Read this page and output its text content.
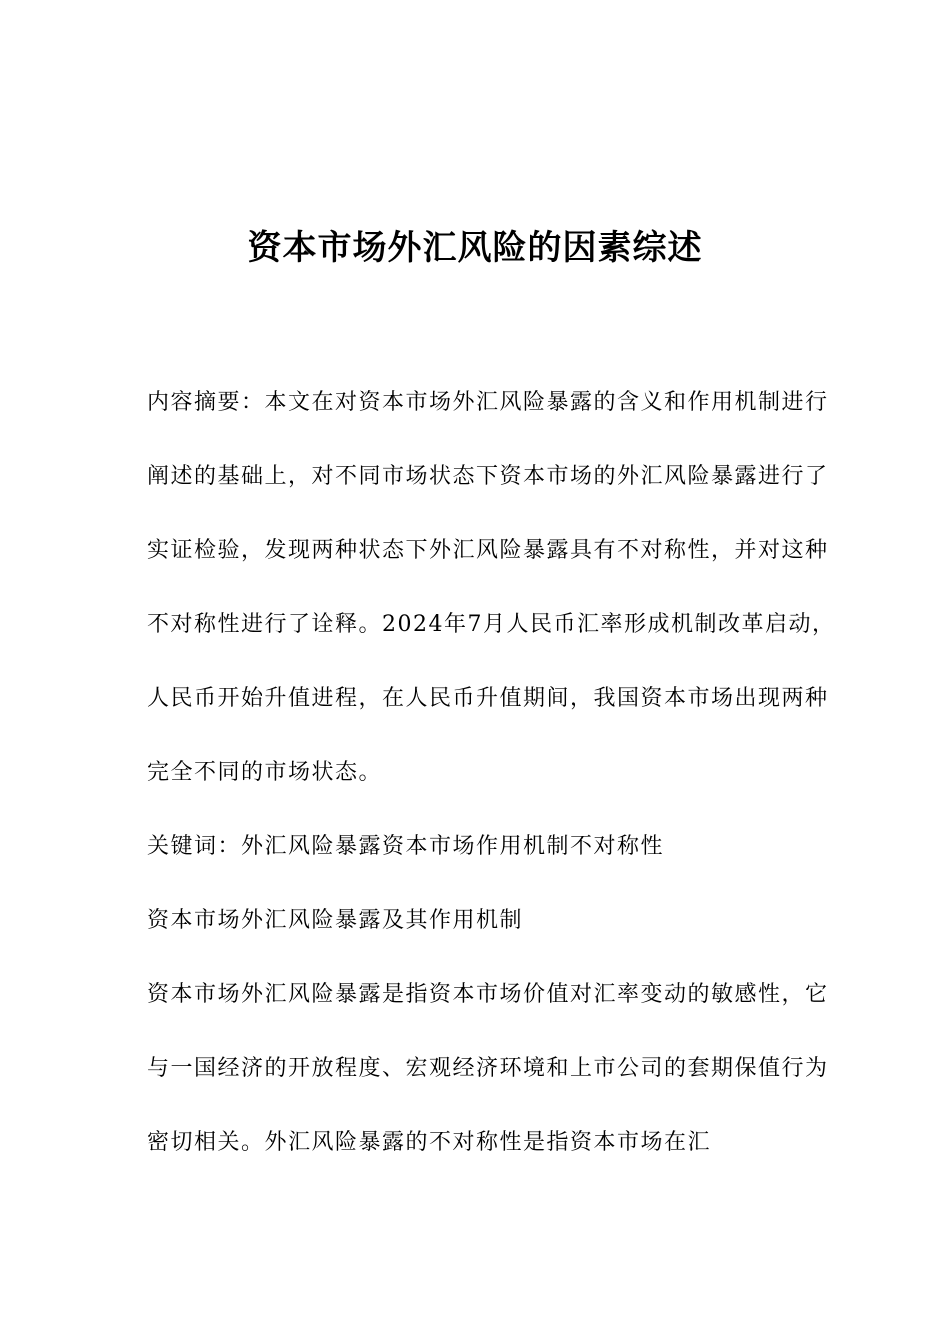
资本市场外汇风险的因素综述

内容摘要：本文在对资本市场外汇风险暴露的含义和作用机制进行阐述的基础上，对不同市场状态下资本市场的外汇风险暴露进行了实证检验，发现两种状态下外汇风险暴露具有不对称性，并对这种不对称性进行了诠释。2024年7月人民币汇率形成机制改革启动，人民币开始升值进程，在人民币升值期间，我国资本市场出现两种完全不同的市场状态。

关键词：外汇风险暴露资本市场作用机制不对称性

资本市场外汇风险暴露及其作用机制

资本市场外汇风险暴露是指资本市场价值对汇率变动的敏感性，它与一国经济的开放程度、宏观经济环境和上市公司的套期保值行为密切相关。外汇风险暴露的不对称性是指资本市场在汇
